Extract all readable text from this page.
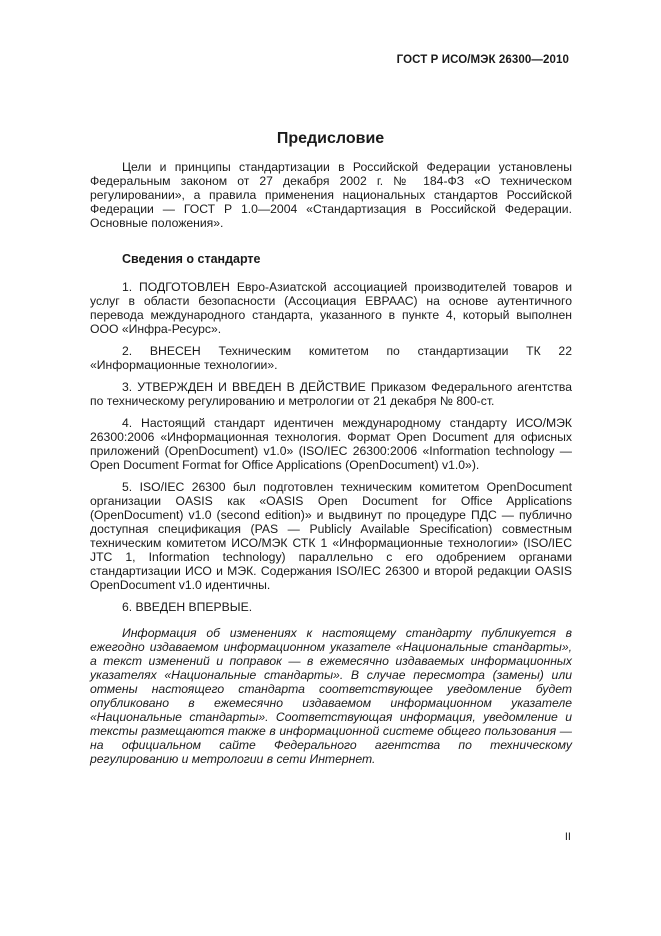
ГОСТ Р ИСО/МЭК 26300—2010
Предисловие

Цели и принципы стандартизации в Российской Федерации установлены Федеральным законом от 27 декабря 2002 г. № 184-ФЗ «О техническом регулировании», а правила применения национальных стандартов Российской Федерации — ГОСТ Р 1.0—2004 «Стандартизация в Российской Федерации. Основные положения».

Сведения о стандарте

1. ПОДГОТОВЛЕН Евро-Азиатской ассоциацией производителей товаров и услуг в области безопасности (Ассоциация ЕВРААС) на основе аутентичного перевода международного стандарта, указанного в пункте 4, который выполнен ООО «Инфра-Ресурс».

2. ВНЕСЕН Техническим комитетом по стандартизации ТК 22 «Информационные технологии».

3. УТВЕРЖДЕН И ВВЕДЕН В ДЕЙСТВИЕ Приказом Федерального агентства по техническому регулированию и метрологии от 21 декабря № 800-ст.

4. Настоящий стандарт идентичен международному стандарту ИСО/МЭК 26300:2006 «Информационная технология. Формат Open Document для офисных приложений (OpenDocument) v1.0» (ISO/IEC 26300:2006 «Information technology — Open Document Format for Office Applications (OpenDocument) v1.0»).

5. ISO/IEC 26300 был подготовлен техническим комитетом OpenDocument организации OASIS как «OASIS Open Document for Office Applications (OpenDocument) v1.0 (second edition)» и выдвинут по процедуре ПДС — публично доступная спецификация (PAS — Publicly Available Specification) совместным техническим комитетом ИСО/МЭК СТК 1 «Информационные технологии» (ISO/IEC JTC 1, Information technology) параллельно с его одобрением органами стандартизации ИСО и МЭК. Содержания ISO/IEC 26300 и второй редакции OASIS OpenDocument v1.0 идентичны.

6. ВВЕДЕН ВПЕРВЫЕ.

Информация об изменениях к настоящему стандарту публикуется в ежегодно издаваемом информационном указателе «Национальные стандарты», а текст изменений и поправок — в ежемесячно издаваемых информационных указателях «Национальные стандарты». В случае пересмотра (замены) или отмены настоящего стандарта соответствующее уведомление будет опубликовано в ежемесячно издаваемом информационном указателе «Национальные стандарты». Соответствующая информация, уведомление и тексты размещаются также в информационной системе общего пользования — на официальном сайте Федерального агентства по техническому регулированию и метрологии в сети Интернет.

II
